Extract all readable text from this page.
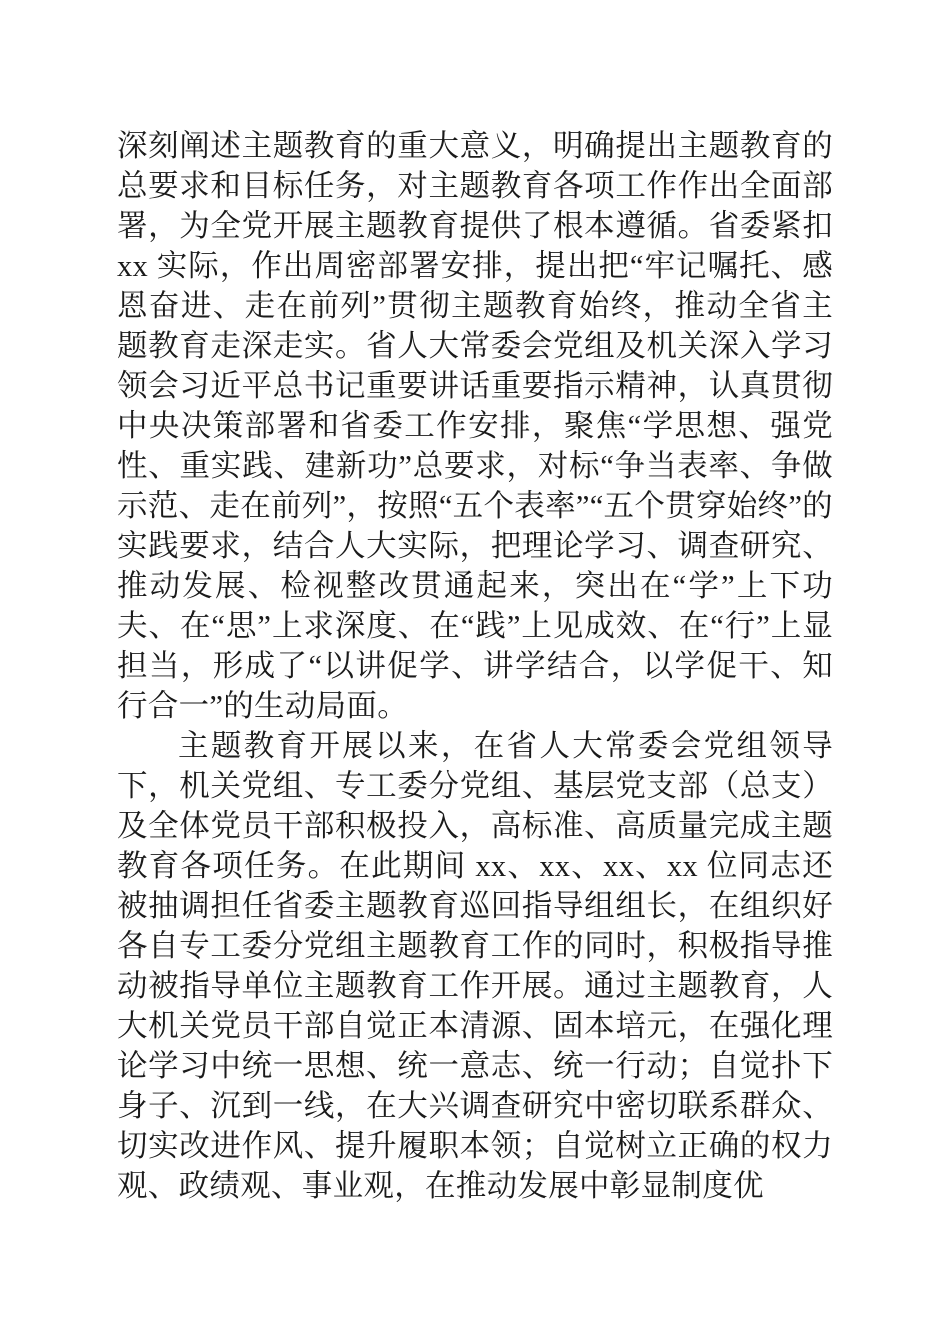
深刻阐述主题教育的重大意义，明确提出主题教育的总要求和目标任务，对主题教育各项工作作出全面部署，为全党开展主题教育提供了根本遵循。省委紧扣 xx 实际，作出周密部署安排，提出把“牢记嘱托、感恩奋进、走在前列”贯彻主题教育始终，推动全省主题教育走深走实。省人大常委会党组及机关深入学习领会习近平总书记重要讲话重要指示精神，认真贯彻中央决策部署和省委工作安排，聚焦“学思想、强党性、重实践、建新功”总要求，对标“争当表率、争做示范、走在前列”，按照“五个表率”“五个贯穿始终”的实践要求，结合人大实际，把理论学习、调查研究、推动发展、检视整改贯通起来，突出在“学”上下功夫、在“思”上求深度、在“践”上见成效、在“行”上显担当，形成了“以讲促学、讲学结合，以学促干、知行合一”的生动局面。

主题教育开展以来，在省人大常委会党组领导下，机关党组、专工委分党组、基层党支部（总支）及全体党员干部积极投入，高标准、高质量完成主题教育各项任务。在此期间 xx、xx、xx、xx 位同志还被抽调担任省委主题教育巡回指导组组长，在组织好各自专工委分党组主题教育工作的同时，积极指导推动被指导单位主题教育工作开展。通过主题教育，人大机关党员干部自觉正本清源、固本培元，在强化理论学习中统一思想、统一意志、统一行动；自觉扑下身子、沉到一线，在大兴调查研究中密切联系群众、切实改进作风、提升履职本领；自觉树立正确的权力观、政绩观、事业观，在推动发展中彰显制度优
